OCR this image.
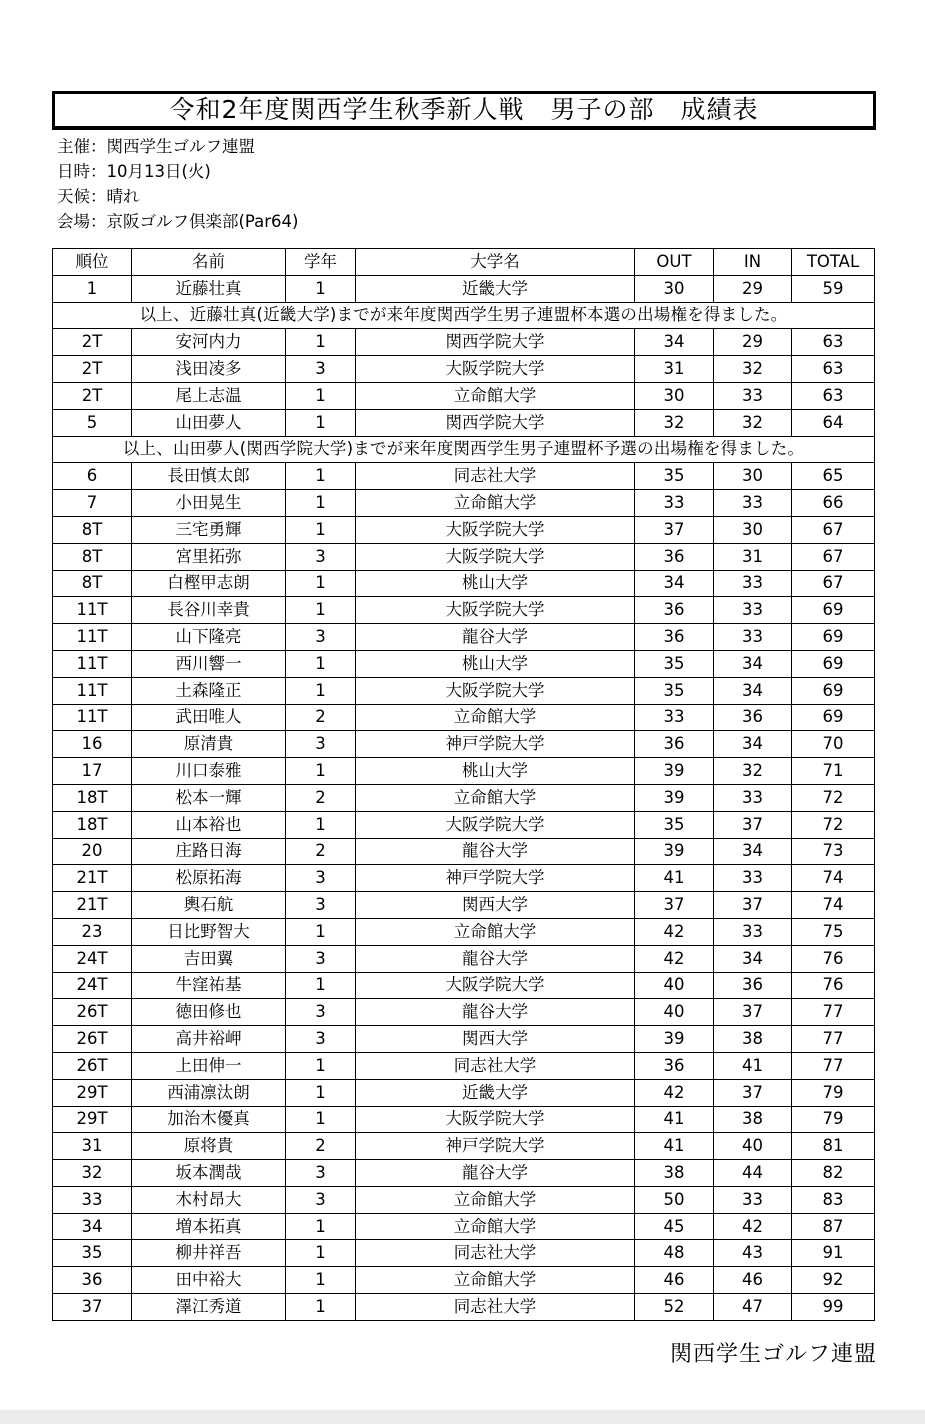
令和2年度関西学生秋季新人戦　男子の部　成績表
主催：関西学生ゴルフ連盟
日時：10月13日(火)
天候：晴れ
会場：京阪ゴルフ倶楽部(Par64)
順位	名前	学年	大学名	OUT	IN	TOTAL
1	近藤壮真	1	近畿大学	30	29	59
以上、近藤壮真(近畿大学)までが来年度関西学生男子連盟杯本選の出場権を得ました。						
2T	安河内力	1	関西学院大学	34	29	63
2T	浅田凌多	3	大阪学院大学	31	32	63
2T	尾上志温	1	立命館大学	30	33	63
5	山田夢人	1	関西学院大学	32	32	64
以上、山田夢人(関西学院大学)までが来年度関西学生男子連盟杯予選の出場権を得ました。						
6	長田慎太郎	1	同志社大学	35	30	65
7	小田晃生	1	立命館大学	33	33	66
8T	三宅勇輝	1	大阪学院大学	37	30	67
8T	宮里拓弥	3	大阪学院大学	36	31	67
8T	白樫甲志朗	1	桃山大学	34	33	67
11T	長谷川幸貴	1	大阪学院大学	36	33	69
11T	山下隆亮	3	龍谷大学	36	33	69
11T	西川響一	1	桃山大学	35	34	69
11T	土森隆正	1	大阪学院大学	35	34	69
11T	武田唯人	2	立命館大学	33	36	69
16	原清貴	3	神戸学院大学	36	34	70
17	川口泰雅	1	桃山大学	39	32	71
18T	松本一輝	2	立命館大学	39	33	72
18T	山本裕也	1	大阪学院大学	35	37	72
20	庄路日海	2	龍谷大学	39	34	73
21T	松原拓海	3	神戸学院大学	41	33	74
21T	輿石航	3	関西大学	37	37	74
23	日比野智大	1	立命館大学	42	33	75
24T	吉田翼	3	龍谷大学	42	34	76
24T	牛窪祐基	1	大阪学院大学	40	36	76
26T	徳田修也	3	龍谷大学	40	37	77
26T	高井裕岬	3	関西大学	39	38	77
26T	上田伸一	1	同志社大学	36	41	77
29T	西浦凛汰朗	1	近畿大学	42	37	79
29T	加治木優真	1	大阪学院大学	41	38	79
31	原将貴	2	神戸学院大学	41	40	81
32	坂本潤哉	3	龍谷大学	38	44	82
33	木村昂大	3	立命館大学	50	33	83
34	増本拓真	1	立命館大学	45	42	87
35	柳井祥吾	1	同志社大学	48	43	91
36	田中裕大	1	立命館大学	46	46	92
37	澤江秀道	1	同志社大学	52	47	99
関西学生ゴルフ連盟
